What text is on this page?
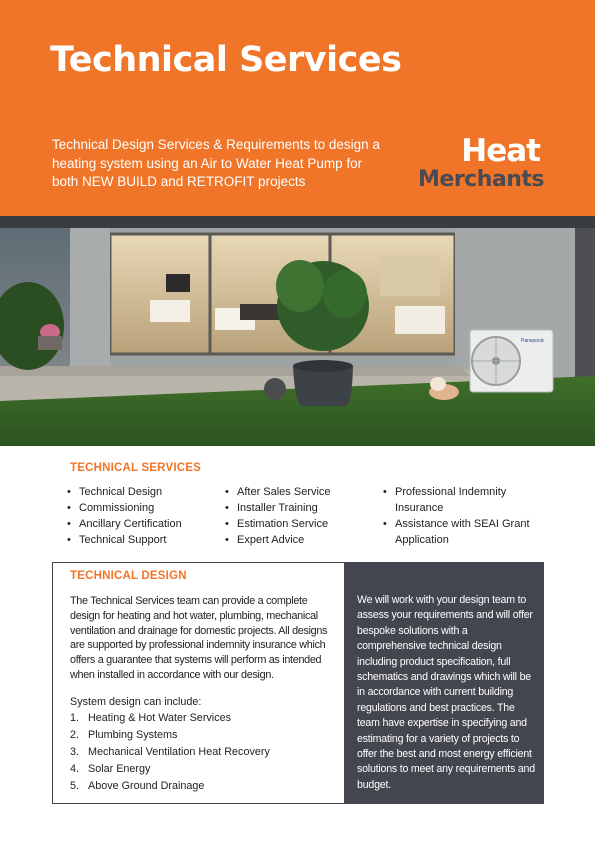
Technical Services

Technical Design Services & Requirements to design a heating system using an Air to Water Heat Pump for both NEW BUILD and RETROFIT projects

Heat
Merchants
Panasonic
TECHNICAL SERVICES
• Technical Design
• Commissioning
• Ancillary Certification
• Technical Support
• After Sales Service
• Installer Training
• Estimation Service
• Expert Advice
• Professional Indemnity Insurance
• Assistance with SEAI Grant Application
TECHNICAL DESIGN

The Technical Services team can provide a complete design for heating and hot water, plumbing, mechanical ventilation and drainage for domestic projects. All designs are supported by professional indemnity insurance which offers a guarantee that systems will perform as intended when installed in accordance with our design.

System design can include:

1. Heating & Hot Water Services
2. Plumbing Systems
3. Mechanical Ventilation Heat Recovery
4. Solar Energy
5. Above Ground Drainage

We will work with your design team to assess your requirements and will offer bespoke solutions with a comprehensive technical design including product specification, full schematics and drawings which will be in accordance with current building regulations and best practices. The team have expertise in specifying and estimating for a variety of projects to offer the best and most energy efficient solutions to meet any requirements and budget.
